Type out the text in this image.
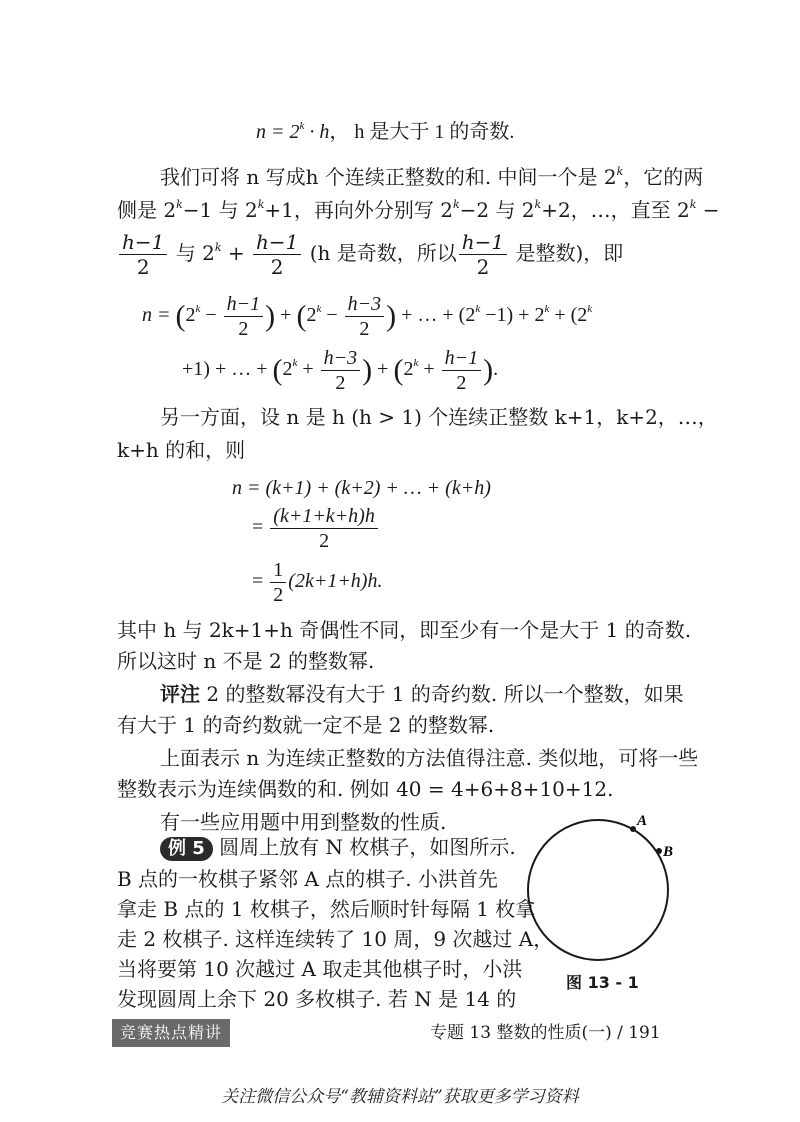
$n = 2^k \cdot h$， h 是大于 1 的奇数.
我们可将 n 写成h 个连续正整数的和. 中间一个是 2$^k$，它的两
侧是 $2^k-1$ 与 $2^k+1$，再向外分别写 $2^k-2$ 与 $2^k+2$，…，直至 $2^k$ −
$\frac{h-1}{2}$ 与 $2^k + \frac{h-1}{2} (h$ 是奇数，所以 $\frac{h-1}{2}$ 是整数)，即
$n = (2^k - \frac{h-1}{2}$ ) + ($2^k - \frac{h-3}{2}$ ) + … + $(2^k -1) + 2^k + (2^k$
+1) + … + ($2^k + \frac{h-3}{2}$ ) + ($2^k + \frac{h-1}{2}$ ).
另一方面，设 n 是 h (h > 1) 个连续正整数 k+1，k+2，…，
k+h 的和，则
n = (k+1) + (k+2) + … + (k+h)
= $\frac{(k+1+k+h)h}{2}$
= $\frac{1}{2} (2k+1+h)h$.
其中 h 与 2k+1+h 奇偶性不同，即至少有一个是大于 1 的奇数.
所以这时 n 不是 2 的整数幂.
评注 2 的整数幂没有大于 1 的奇约数. 所以一个整数，如果
有大于 1 的奇约数就一定不是 2 的整数幂.
上面表示 n 为连续正整数的方法值得注意. 类似地，可将一些
整数表示为连续偶数的和. 例如 40 = 4+6+8+10+12.
有一些应用题中用到整数的性质.
例 5 圆周上放有 N 枚棋子，如图所示.
B 点的一枚棋子紧邻 A 点的棋子. 小洪首先
拿走 B 点的 1 枚棋子，然后顺时针每隔 1 枚拿
走 2 枚棋子. 这样连续转了 10 周，9 次越过 A，
当将要第 10 次越过 A 取走其他棋子时，小洪
A
B
图 13 - 1
竞赛热点精讲	专题 13 整数的性质(一) / 191
关注微信公众号“教辅资料站”获取更多学习资料
发现圆周上余下 20 多枚棋子. 若 N 是 14 的
